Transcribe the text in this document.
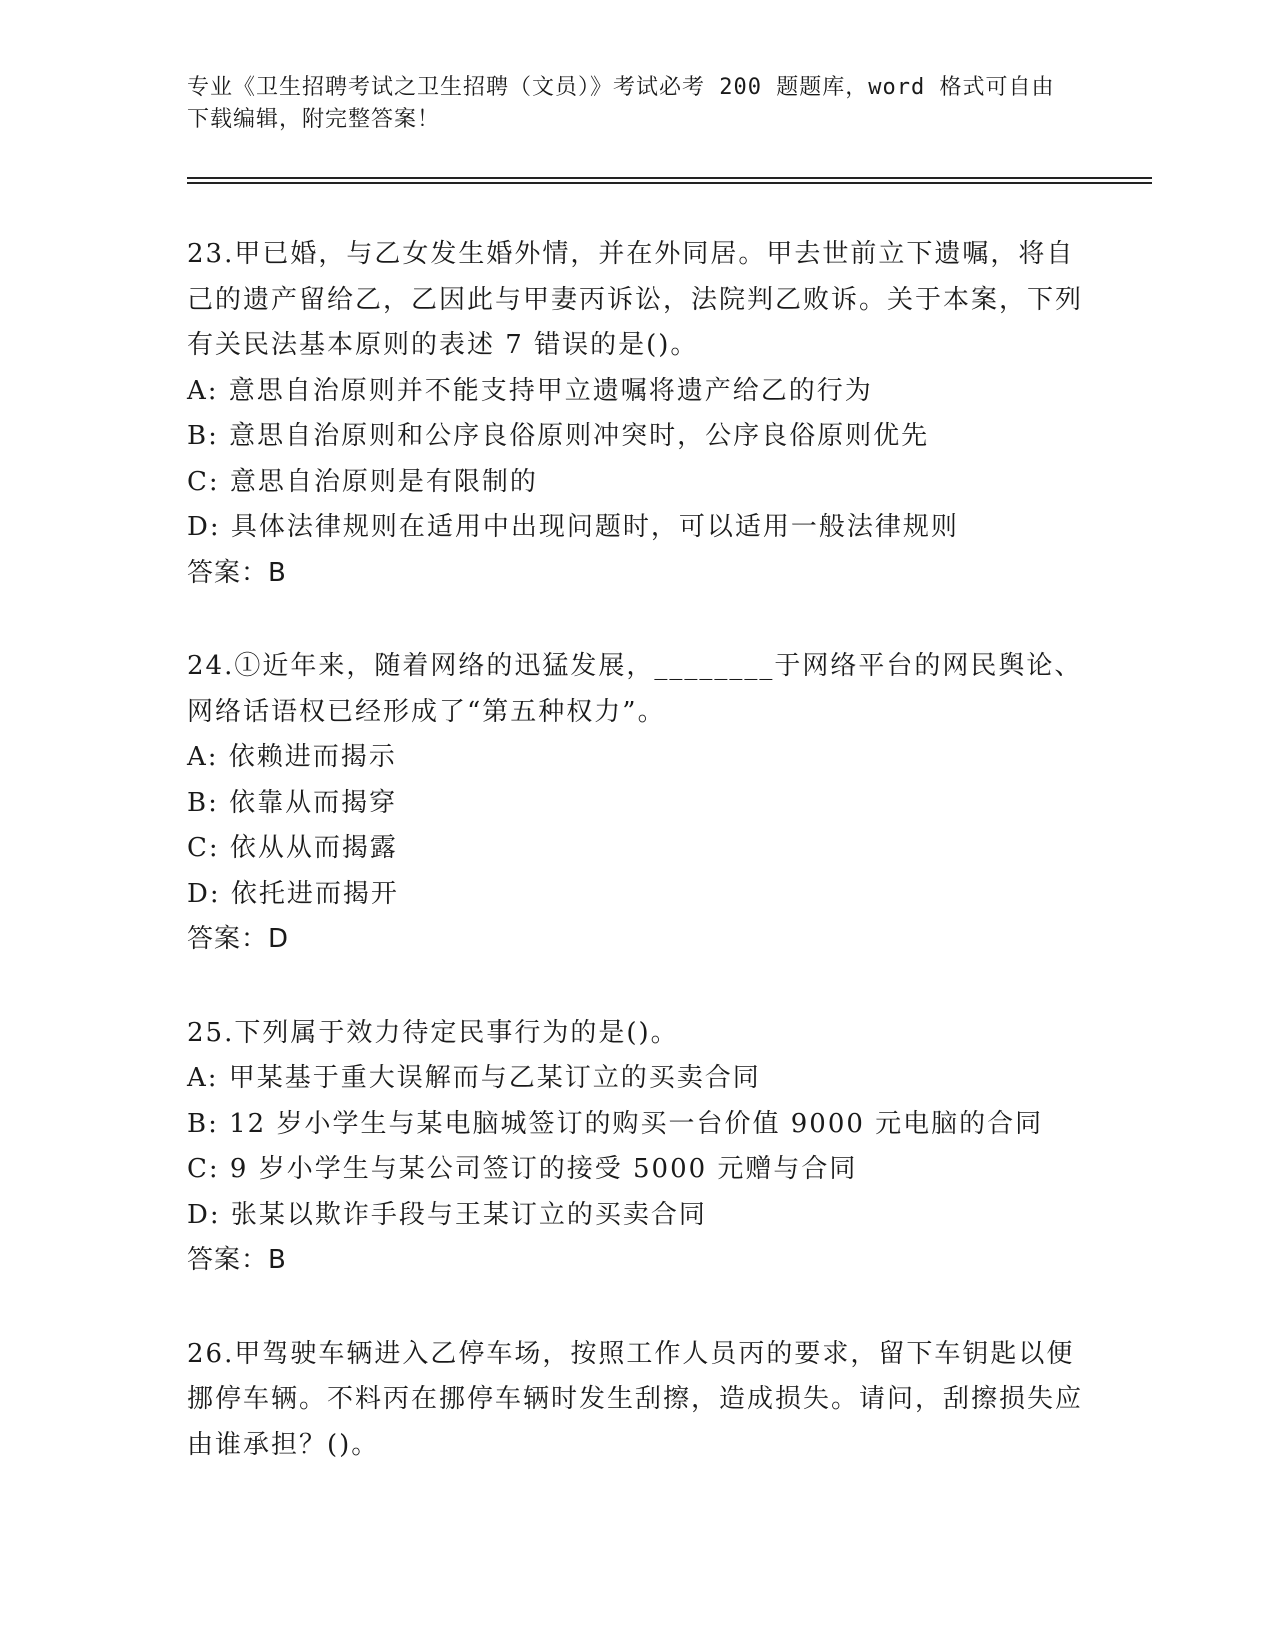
专业《卫生招聘考试之卫生招聘（文员）》考试必考 200 题题库，word 格式可自由下载编辑，附完整答案！

23.甲已婚，与乙女发生婚外情，并在外同居。甲去世前立下遗嘱，将自己的遗产留给乙，乙因此与甲妻丙诉讼，法院判乙败诉。关于本案，下列有关民法基本原则的表述 7 错误的是()。

A: 意思自治原则并不能支持甲立遗嘱将遗产给乙的行为

B: 意思自治原则和公序良俗原则冲突时，公序良俗原则优先

C: 意思自治原则是有限制的

D: 具体法律规则在适用中出现问题时，可以适用一般法律规则

答案：B

24.①近年来，随着网络的迅猛发展，________于网络平台的网民舆论、网络话语权已经形成了“第五种权力”。

A: 依赖进而揭示

B: 依靠从而揭穿

C: 依从从而揭露

D: 依托进而揭开

答案：D

25.下列属于效力待定民事行为的是()。

A: 甲某基于重大误解而与乙某订立的买卖合同

B: 12 岁小学生与某电脑城签订的购买一台价值 9000 元电脑的合同

C: 9 岁小学生与某公司签订的接受 5000 元赠与合同

D: 张某以欺诈手段与王某订立的买卖合同

答案：B

26.甲驾驶车辆进入乙停车场，按照工作人员丙的要求，留下车钥匙以便挪停车辆。不料丙在挪停车辆时发生刮擦，造成损失。请问，刮擦损失应由谁承担？()。
